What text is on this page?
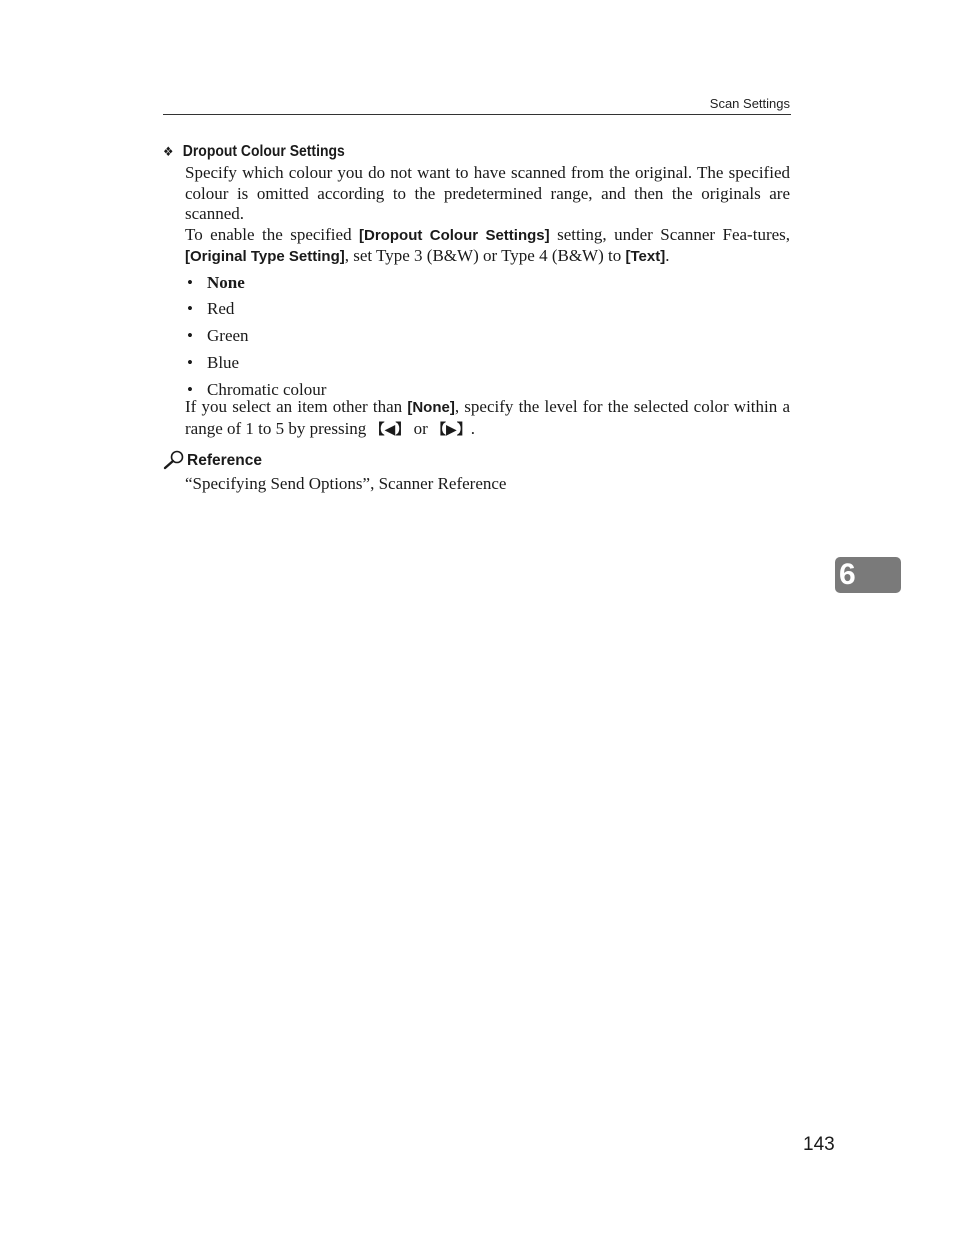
Scan Settings
❖ Dropout Colour Settings

Specify which colour you do not want to have scanned from the original. The specified colour is omitted according to the predetermined range, and then the originals are scanned.

To enable the specified [Dropout Colour Settings] setting, under Scanner Fea-tures, [Original Type Setting], set Type 3 (B&W) or Type 4 (B&W) to [Text].

• None
• Red
• Green
• Blue
• Chromatic colour

If you select an item other than [None], specify the level for the selected color within a range of 1 to 5 by pressing 【◀】 or 【▶】.

Reference
“Specifying Send Options”, Scanner Reference
6
143
